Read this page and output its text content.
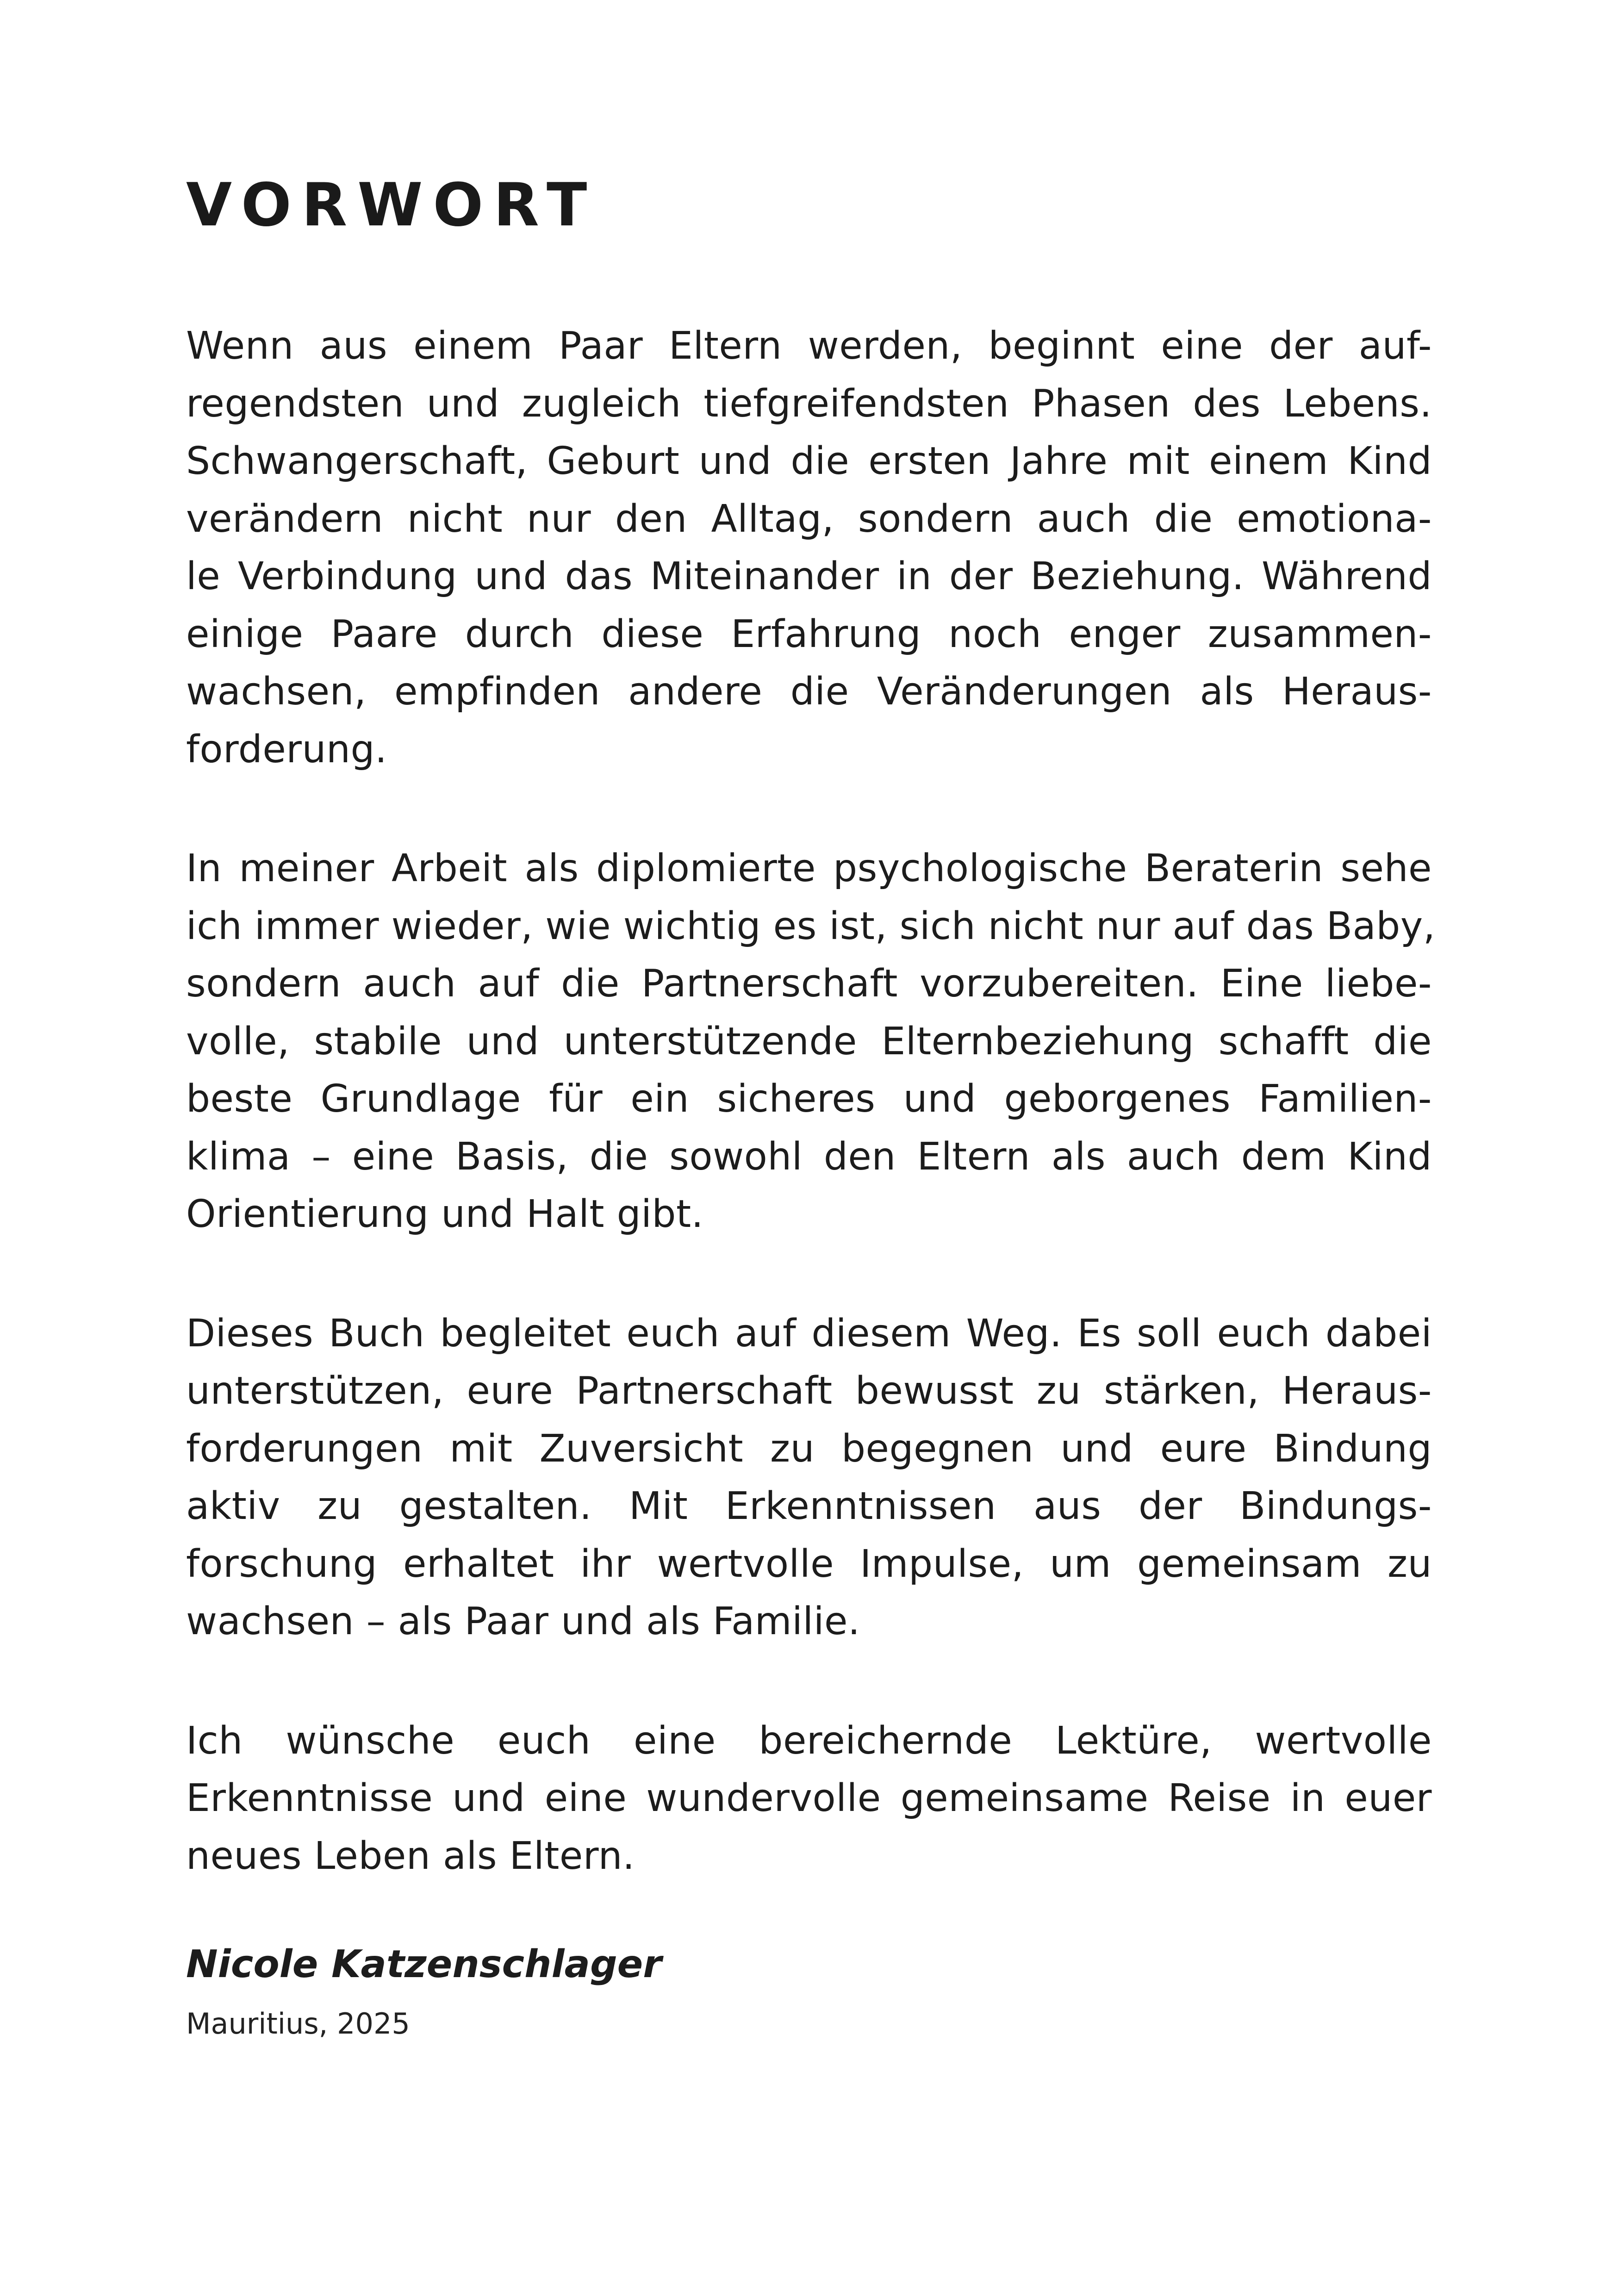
VORWORT

Wenn aus einem Paar Eltern werden, beginnt eine der auf-
regendsten und zugleich tiefgreifendsten Phasen des Lebens.
Schwangerschaft, Geburt und die ersten Jahre mit einem Kind
verändern nicht nur den Alltag, sondern auch die emotiona-
le Verbindung und das Miteinander in der Beziehung. Während
einige Paare durch diese Erfahrung noch enger zusammen-
wachsen, empfinden andere die Veränderungen als Heraus-
forderung.

In meiner Arbeit als diplomierte psychologische Beraterin sehe
ich immer wieder, wie wichtig es ist, sich nicht nur auf das Baby,
sondern auch auf die Partnerschaft vorzubereiten. Eine liebe-
volle, stabile und unterstützende Elternbeziehung schafft die
beste Grundlage für ein sicheres und geborgenes Familien-
klima – eine Basis, die sowohl den Eltern als auch dem Kind
Orientierung und Halt gibt.

Dieses Buch begleitet euch auf diesem Weg. Es soll euch dabei
unterstützen, eure Partnerschaft bewusst zu stärken, Heraus-
forderungen mit Zuversicht zu begegnen und eure Bindung
aktiv zu gestalten. Mit Erkenntnissen aus der Bindungs-
forschung erhaltet ihr wertvolle Impulse, um gemeinsam zu
wachsen – als Paar und als Familie.

Ich wünsche euch eine bereichernde Lektüre, wertvolle
Erkenntnisse und eine wundervolle gemeinsame Reise in euer
neues Leben als Eltern.

Nicole Katzenschlager
Mauritius, 2025
